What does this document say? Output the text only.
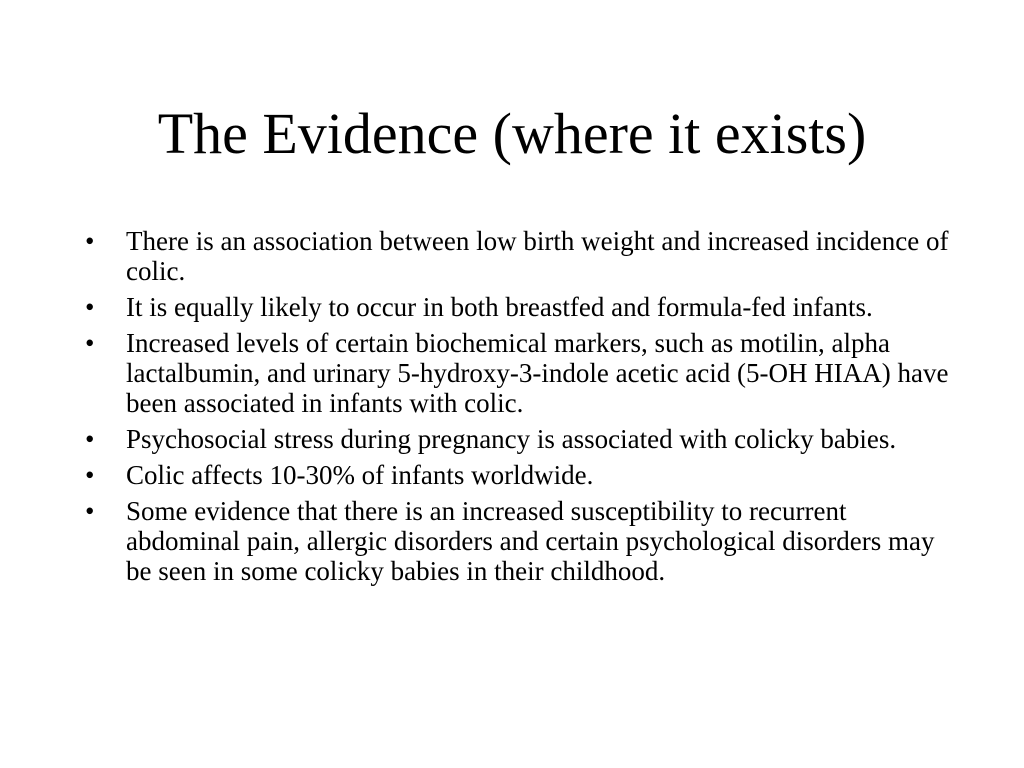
The Evidence (where it exists)
•	There is an association between low birth weight and increased incidence of colic.
•	It is equally likely to occur in both breastfed and formula-fed infants.
•	Increased levels of certain biochemical markers, such as motilin, alpha lactalbumin, and urinary 5-hydroxy-3-indole acetic acid (5-OH HIAA) have been associated in infants with colic.
•	Psychosocial stress during pregnancy is associated with colicky babies.
•	Colic affects 10-30% of infants worldwide.
•	Some evidence that there is an increased susceptibility to recurrent abdominal pain, allergic disorders and certain psychological disorders may be seen in some colicky babies in their childhood.
